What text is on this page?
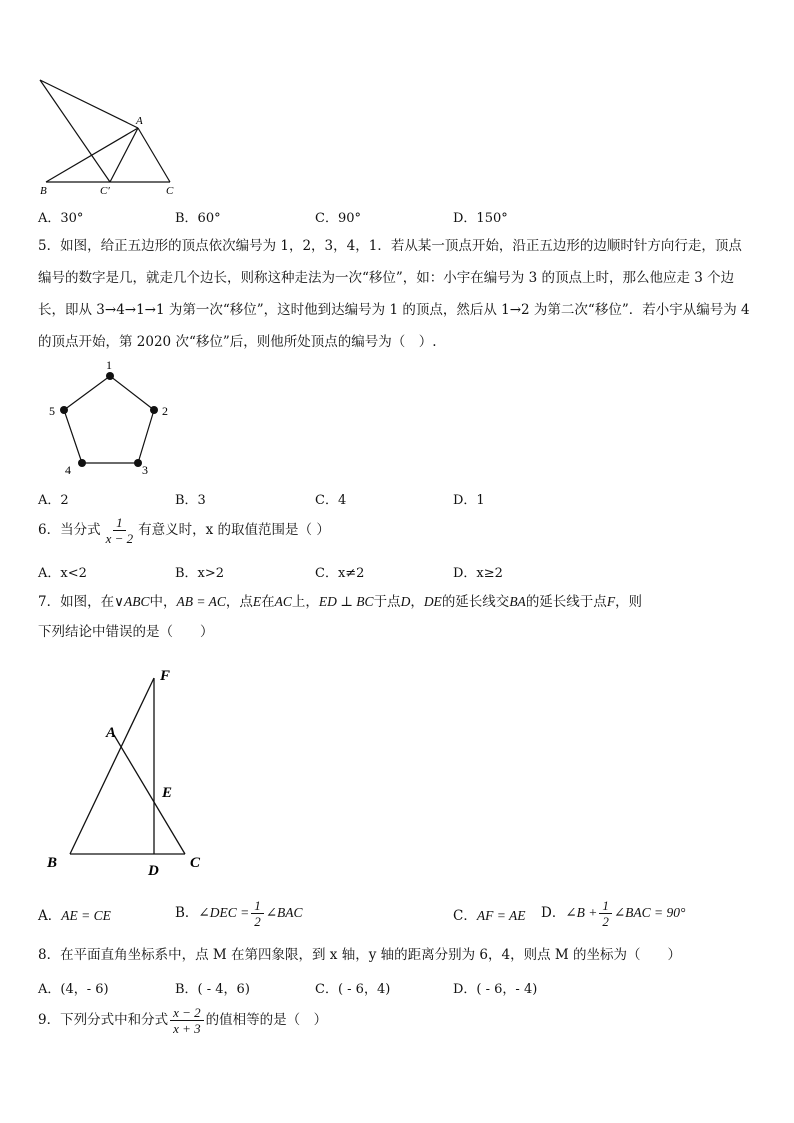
A
B	C′	C
A．30°	B．60°	C．90°	D．150°
5．如图，给正五边形的顶点依次编号为 1，2，3，4，1．若从某一顶点开始，沿正五边形的边顺时针方向行走，顶点
编号的数字是几，就走几个边长，则称这种走法为一次“移位”，如：小宇在编号为 3 的顶点上时，那么他应走 3 个边
长，即从 3→4→1→1 为第一次“移位”，这时他到达编号为 1 的顶点，然后从 1→2 为第二次“移位”．若小宇从编号为 4
的顶点开始，第 2020 次“移位”后，则他所处顶点的编号为（　）.
1
2
3
4
5
A．2	B．3	C．4	D．1
6．当分式 $\frac{1}{x - 2}$ 有意义时，x 的取值范围是（ ）
A．x<2	B．x>2	C．x≠2	D．x≥2
7．如图，在∨ABC中，AB = AC，点E在AC上，ED ⊥ BC于点D，DE的延长线交BA的延长线于点F，则
下列结论中错误的是（　　）
F
A
E
B	D C
A．AE = CE	B．∠DEC = $\frac{1}{2}$ ∠BAC	C．AF = AE D．∠B + $\frac{1}{2}$ ∠BAC = 90°
8．在平面直角坐标系中，点 M 在第四象限，到 x 轴，y 轴的距离分别为 6，4，则点 M 的坐标为（　　）
A．(4，- 6)	B．( - 4，6)	C．( - 6，4)	D．( - 6，- 4)
9．下列分式中和分式 $\frac{x - 2}{x + 3}$ 的值相等的是（　）
